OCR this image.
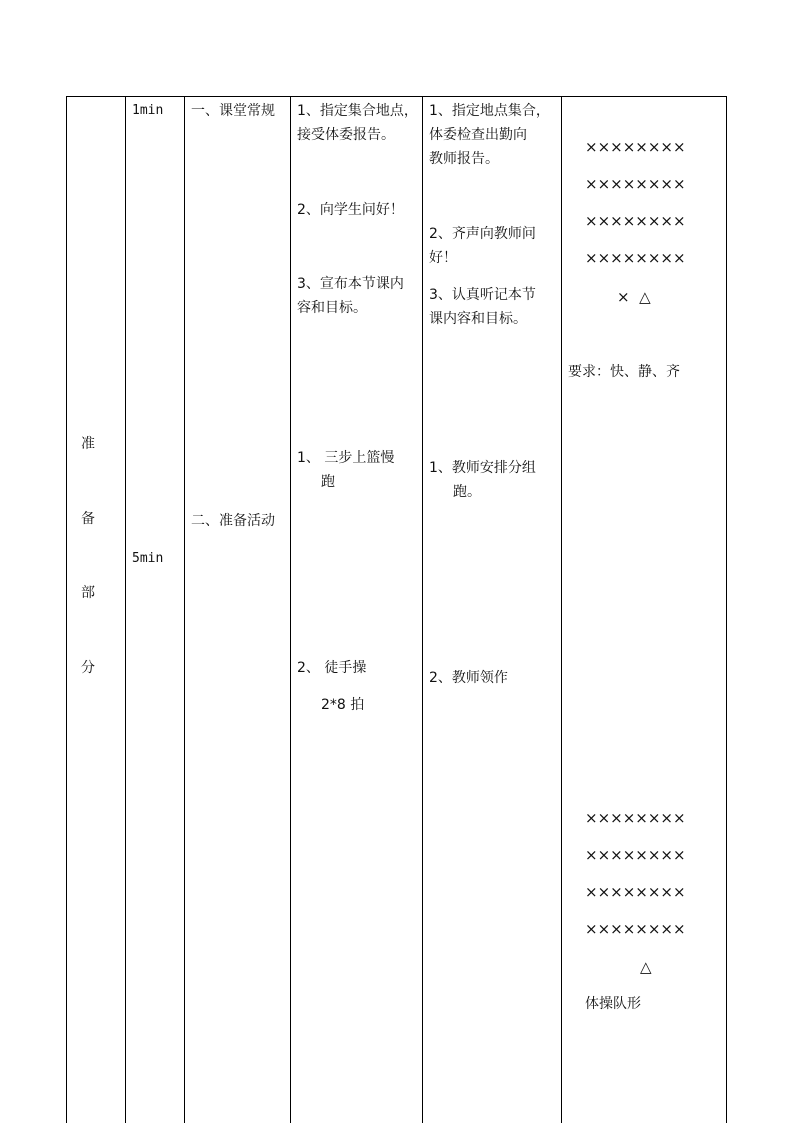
准
备
部
分
1min
5min
一、课堂常规
二、准备活动
1、指定集合地点，
接受体委报告。
2、向学生问好！
3、宣布本节课内
容和目标。
1、 三步上篮慢
跑
2、 徒手操
2*8 拍
1、指定地点集合，
体委检查出勤向
教师报告。
2、齐声向教师问
好！
3、认真听记本节
课内容和目标。
1、教师安排分组
跑。
2、教师领作
××××××××
××××××××
××××××××
××××××××
×  △
要求：快、静、齐
××××××××
××××××××
××××××××
××××××××
△
体操队形
